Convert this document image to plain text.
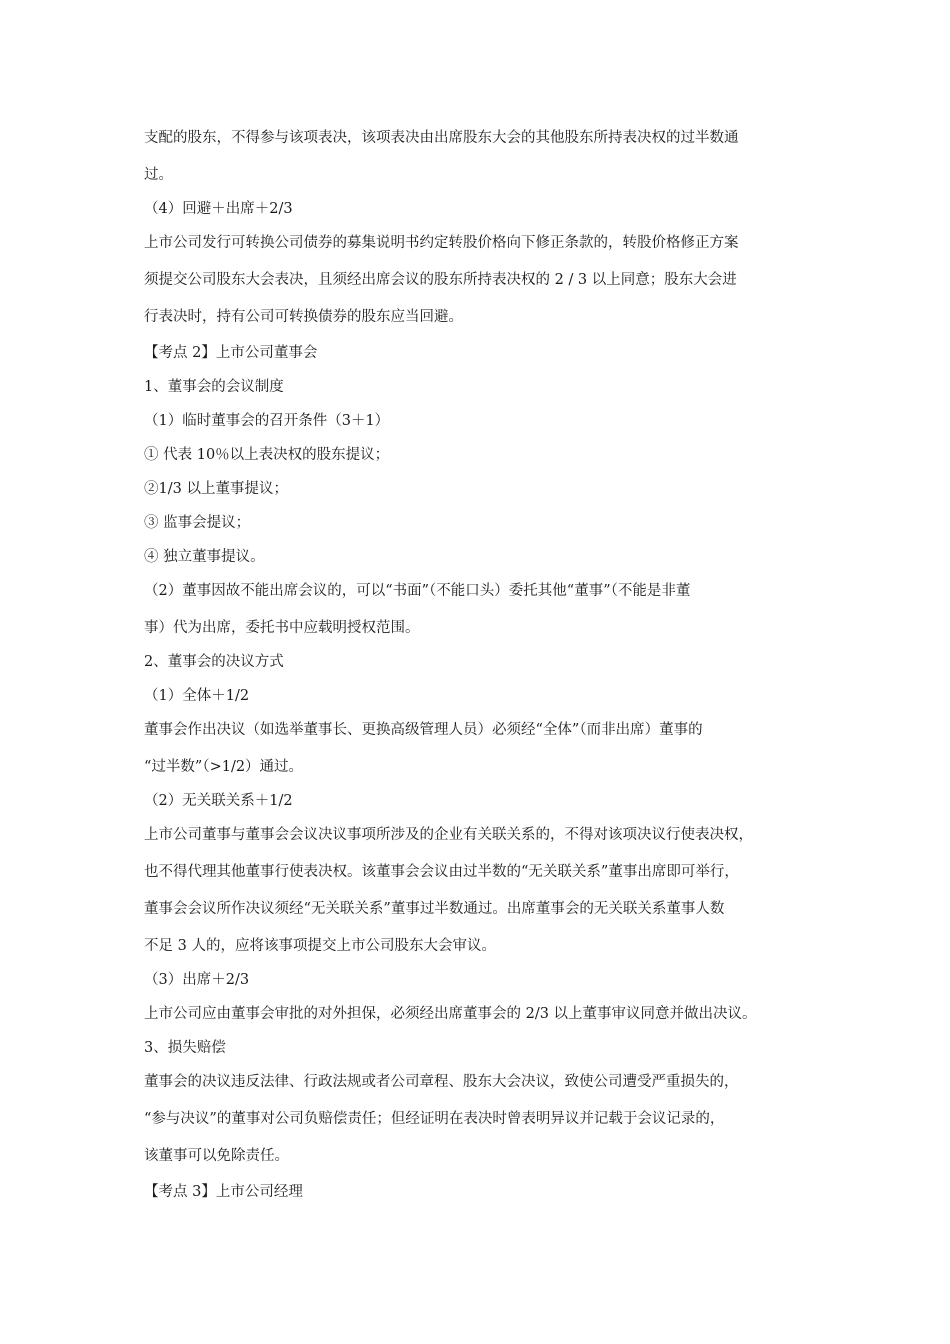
支配的股东，不得参与该项表决，该项表决由出席股东大会的其他股东所持表决权的过半数通
过。
（4）回避＋出席＋2/3
上市公司发行可转换公司债券的募集说明书约定转股价格向下修正条款的，转股价格修正方案
须提交公司股东大会表决，且须经出席会议的股东所持表决权的 2 / 3 以上同意；股东大会进
行表决时，持有公司可转换债券的股东应当回避。
【考点 2】上市公司董事会
1、董事会的会议制度
（1）临时董事会的召开条件（3＋1）
① 代表 10％以上表决权的股东提议；
②1/3 以上董事提议；
③ 监事会提议；
④ 独立董事提议。
（2）董事因故不能出席会议的，可以“书面”（不能口头）委托其他“董事”（不能是非董
事）代为出席，委托书中应载明授权范围。
2、董事会的决议方式
（1）全体＋1/2
董事会作出决议（如选举董事长、更换高级管理人员）必须经“全体”（而非出席）董事的
“过半数”（>1/2）通过。
（2）无关联关系＋1/2
上市公司董事与董事会会议决议事项所涉及的企业有关联关系的，不得对该项决议行使表决权，
也不得代理其他董事行使表决权。该董事会会议由过半数的“无关联关系”董事出席即可举行，
董事会会议所作决议须经“无关联关系”董事过半数通过。出席董事会的无关联关系董事人数
不足 3 人的，应将该事项提交上市公司股东大会审议。
（3）出席＋2/3
上市公司应由董事会审批的对外担保，必须经出席董事会的 2/3 以上董事审议同意并做出决议。
3、损失赔偿
董事会的决议违反法律、行政法规或者公司章程、股东大会决议，致使公司遭受严重损失的，
“参与决议”的董事对公司负赔偿责任；但经证明在表决时曾表明异议并记载于会议记录的，
该董事可以免除责任。
【考点 3】上市公司经理
